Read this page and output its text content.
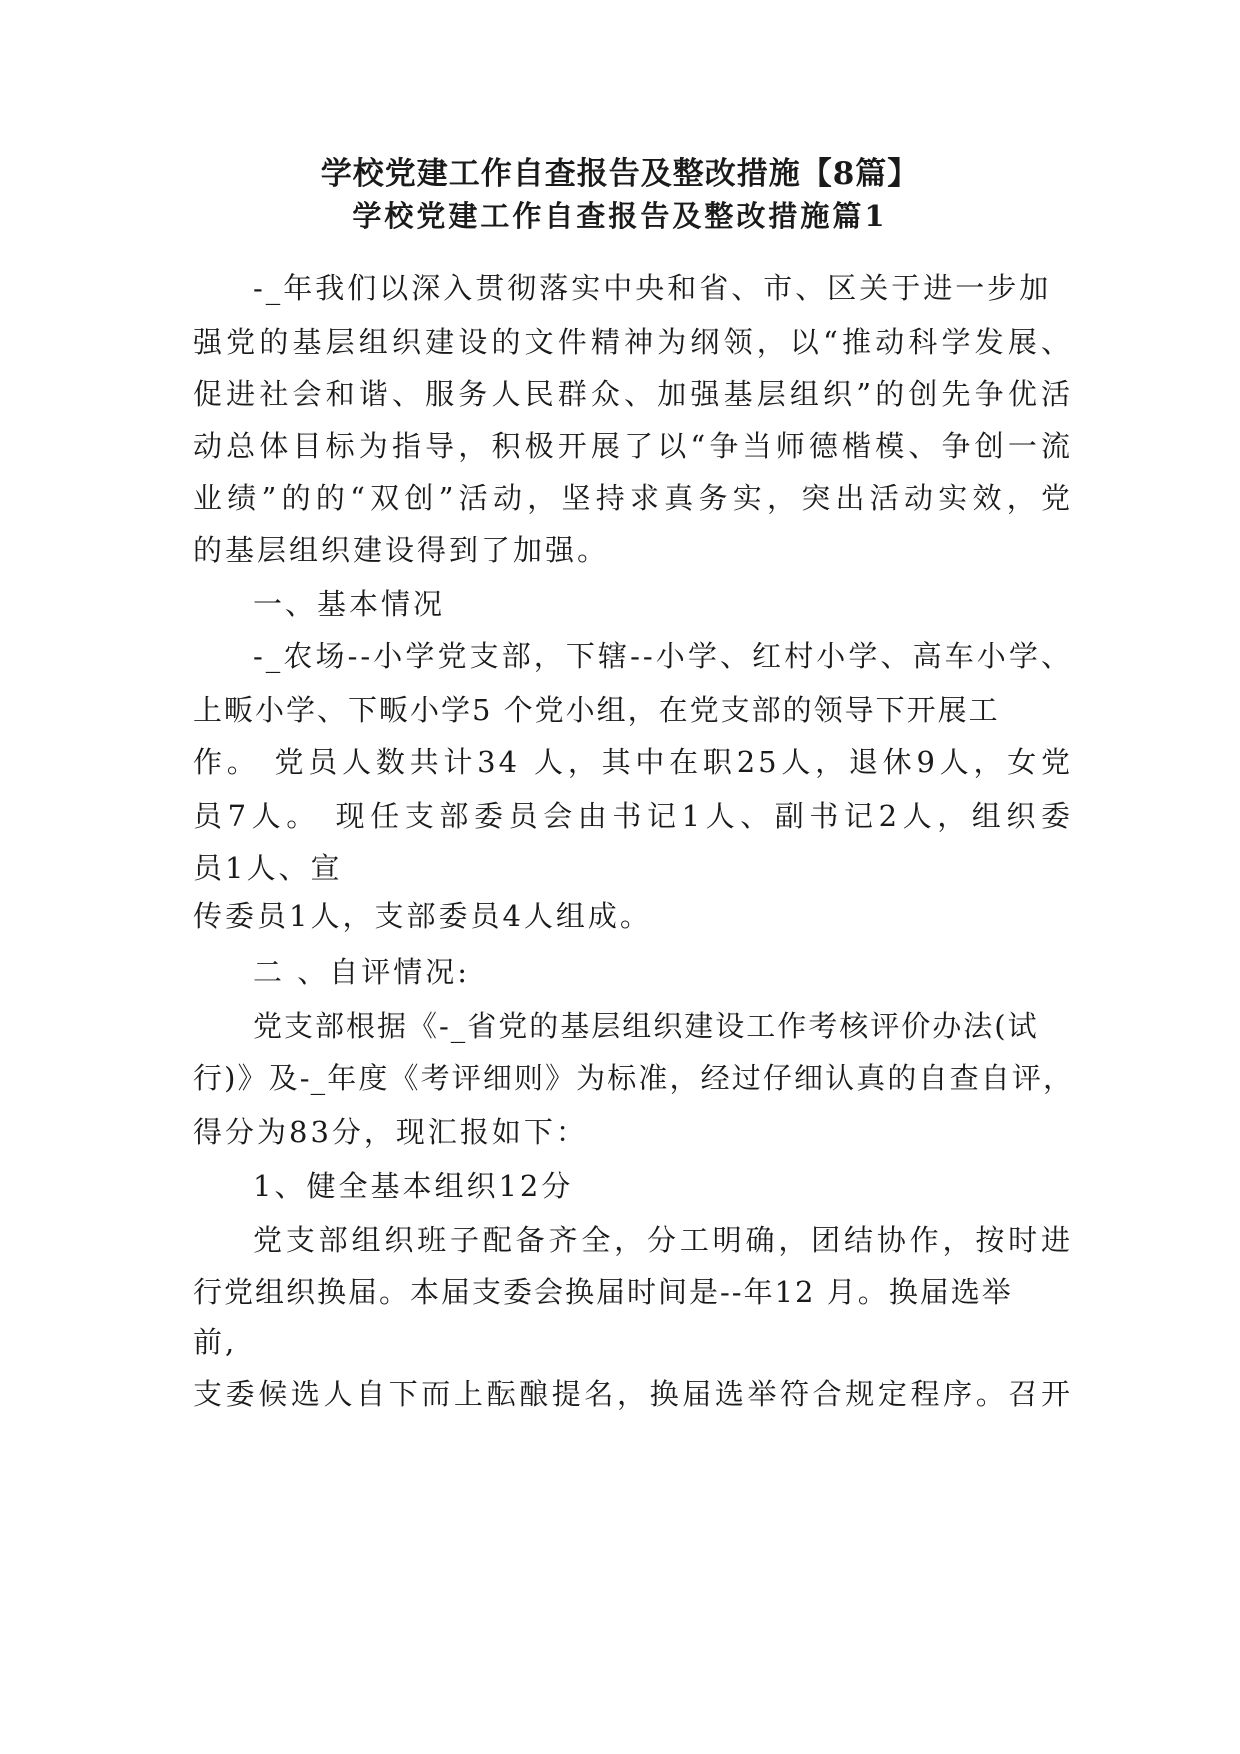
学校党建工作自查报告及整改措施【8篇】
学校党建工作自查报告及整改措施篇1

-_年我们以深入贯彻落实中央和省、市、区关于进一步加

强党的基层组织建设的文件精神为纲领，以“推动科学发展、

促进社会和谐、服务人民群众、加强基层组织”的创先争优活

动总体目标为指导，积极开展了以“争当师德楷模、争创一流

业绩”的的“双创”活动，坚持求真务实，突出活动实效，党

的基层组织建设得到了加强。

一、基本情况

-_农场--小学党支部，下辖--小学、红村小学、高车小学、

上畈小学、下畈小学5 个党小组，在党支部的领导下开展工

作。 党员人数共计34 人，其中在职25人，退休9人，女党

员7人。 现任支部委员会由书记1人、副书记2人，组织委

员1人、宣

传委员1人，支部委员4人组成。

二 、自评情况:

党支部根据《-_省党的基层组织建设工作考核评价办法(试

行)》及-_年度《考评细则》为标准，经过仔细认真的自查自评，

得分为83分，现汇报如下：

1、健全基本组织12分

党支部组织班子配备齐全，分工明确，团结协作，按时进

行党组织换届。本届支委会换届时间是--年12 月。换届选举

前,

支委候选人自下而上酝酿提名，换届选举符合规定程序。召开
